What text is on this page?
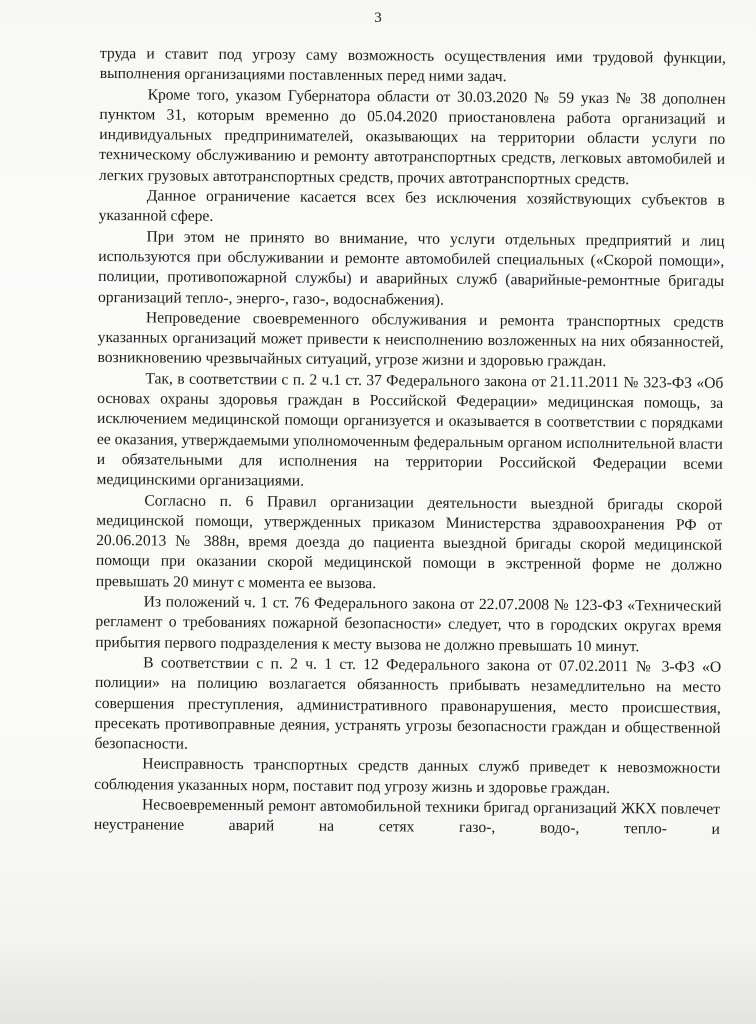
3

труда и ставит под угрозу саму возможность осуществления ими трудовой функции, выполнения организациями поставленных перед ними задач.

Кроме того, указом Губернатора области от 30.03.2020 № 59 указ № 38 дополнен пунктом 31, которым временно до 05.04.2020 приостановлена работа организаций и индивидуальных предпринимателей, оказывающих на территории области услуги по техническому обслуживанию и ремонту автотранспортных средств, легковых автомобилей и легких грузовых автотранспортных средств, прочих автотранспортных средств.

Данное ограничение касается всех без исключения хозяйствующих субъектов в указанной сфере.

При этом не принято во внимание, что услуги отдельных предприятий и лиц используются при обслуживании и ремонте автомобилей специальных («Скорой помощи», полиции, противопожарной службы) и аварийных служб (аварийные-ремонтные бригады организаций тепло-, энерго-, газо-, водоснабжения).

Непроведение своевременного обслуживания и ремонта транспортных средств указанных организаций может привести к неисполнению возложенных на них обязанностей, возникновению чрезвычайных ситуаций, угрозе жизни и здоровью граждан.

Так, в соответствии с п. 2 ч.1 ст. 37 Федерального закона от 21.11.2011 № 323-ФЗ «Об основах охраны здоровья граждан в Российской Федерации» медицинская помощь, за исключением медицинской помощи организуется и оказывается в соответствии с порядками ее оказания, утверждаемыми уполномоченным федеральным органом исполнительной власти и обязательными для исполнения на территории Российской Федерации всеми медицинскими организациями.

Согласно п. 6 Правил организации деятельности выездной бригады скорой медицинской помощи, утвержденных приказом Министерства здравоохранения РФ от 20.06.2013 № 388н, время доезда до пациента выездной бригады скорой медицинской помощи при оказании скорой медицинской помощи в экстренной форме не должно превышать 20 минут с момента ее вызова.

Из положений ч. 1 ст. 76 Федерального закона от 22.07.2008 № 123-ФЗ «Технический регламент о требованиях пожарной безопасности» следует, что в городских округах время прибытия первого подразделения к месту вызова не должно превышать 10 минут.

В соответствии с п. 2 ч. 1 ст. 12 Федерального закона от 07.02.2011 № 3-ФЗ «О полиции» на полицию возлагается обязанность прибывать незамедлительно на место совершения преступления, административного правонарушения, место происшествия, пресекать противоправные деяния, устранять угрозы безопасности граждан и общественной безопасности.

Неисправность транспортных средств данных служб приведет к невозможности соблюдения указанных норм, поставит под угрозу жизнь и здоровье граждан.

Несвоевременный ремонт автомобильной техники бригад организаций ЖКХ повлечет неустранение аварий на сетях газо-, водо-, тепло- и
